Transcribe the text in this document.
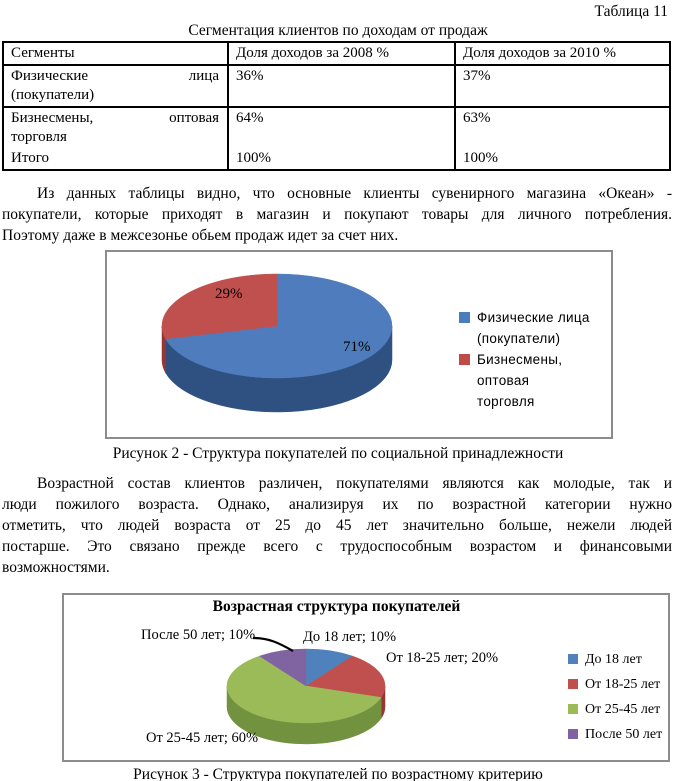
Таблица 11
Сегментация клиентов по доходам от продаж
Сегменты	Доля доходов за 2008 %	Доля доходов за 2010 %

Физические лица
(покупатели)	36%	37%

Бизнесмены, оптовая
торговля	64%	63%

Итого	100%	100%

Из данных таблицы видно, что основные клиенты сувенирного магазина «Океан» -
покупатели, которые приходят в магазин и покупают товары для личного потребления.
Поэтому даже в межсезонье обьем продаж идет за счет них.

29%
71%
Физические лица
(покупатели)
Бизнесмены, оптовая
торговля
Рисунок 2 - Структура покупателей по социальной принадлежности

Возрастной состав клиентов различен, покупателями являются как молодые, так и
люди пожилого возраста. Однако, анализируя их по возрастной категории нужно
отметить, что людей возраста от 25 до 45 лет значительно больше, нежели людей
постарше. Это связано прежде всего с трудоспособным возрастом и финансовыми
возможностями.

Возрастная структура покупателей
После 50 лет; 10%	До 18 лет; 10%
От 18-25 лет; 20%
От 25-45 лет; 60%
До 18 лет
От 18-25 лет
От 25-45 лет
После 50 лет
Рисунок 3 - Структура покупателей по возрастному критерию
